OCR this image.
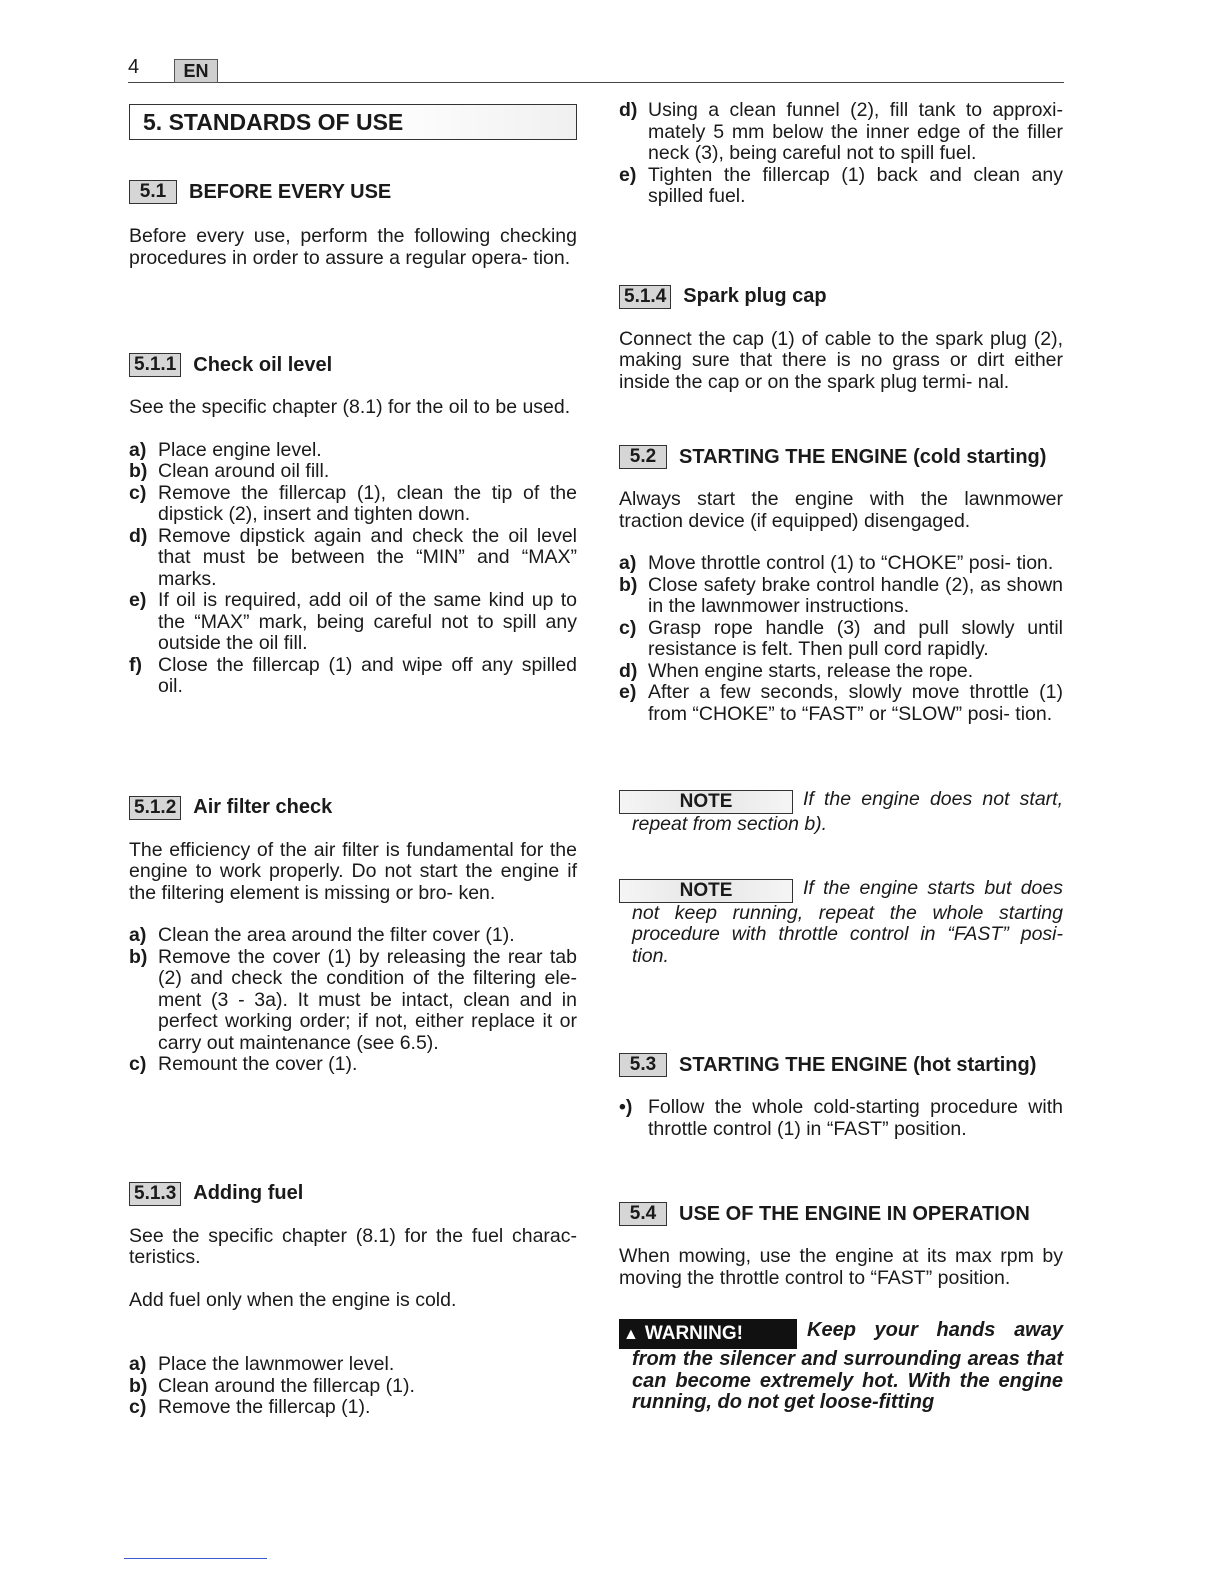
4	EN
5. STANDARDS OF USE
5.1	BEFORE EVERY USE

Before every use, perform the following checking procedures in order to assure a regular opera- tion.

5.1.1 Check oil level

See the specific chapter (8.1) for the oil to be used.

a) Place engine level.
b) Clean around oil fill.
c) Remove the fillercap (1), clean the tip of the dipstick (2), insert and tighten down.
d) Remove dipstick again and check the oil level that must be between the “MIN” and “MAX” marks.
e) If oil is required, add oil of the same kind up to the “MAX” mark, being careful not to spill any outside the oil fill.
f) Close the fillercap (1) and wipe off any spilled oil.
5.1.2 Air filter check

The efficiency of the air filter is fundamental for the engine to work properly. Do not start the engine if the filtering element is missing or bro- ken.

a) Clean the area around the filter cover (1).
b) Remove the cover (1) by releasing the rear tab (2) and check the condition of the filtering ele- ment (3 - 3a). It must be intact, clean and in perfect working order; if not, either replace it or carry out maintenance (see 6.5).
c) Remount the cover (1).
5.1.3 Adding fuel

See the specific chapter (8.1) for the fuel charac- teristics.

Add fuel only when the engine is cold.

a) Place the lawnmower level.
b) Clean around the fillercap (1).
c) Remove the fillercap (1).
d) Using a clean funnel (2), fill tank to approxi- mately 5 mm below the inner edge of the filler neck (3), being careful not to spill fuel.
e) Tighten the fillercap (1) back and clean any spilled fuel.
5.1.4 Spark plug cap

Connect the cap (1) of cable to the spark plug (2), making sure that there is no grass or dirt either inside the cap or on the spark plug termi- nal.

5.2	STARTING THE ENGINE (cold starting)

Always start the engine with the lawnmower traction device (if equipped) disengaged.

a) Move throttle control (1) to “CHOKE” posi- tion.
b) Close safety brake control handle (2), as shown in the lawnmower instructions.
c) Grasp rope handle (3) and pull slowly until resistance is felt. Then pull cord rapidly.
d) When engine starts, release the rope.
e) After a few seconds, slowly move throttle (1) from “CHOKE” to “FAST” or “SLOW” posi- tion.
NOTE	If the engine does not start, repeat from section b).
NOTE	If the engine starts but does not keep running, repeat the whole starting procedure with throttle control in “FAST” posi- tion.
5.3	STARTING THE ENGINE (hot starting)
•) Follow the whole cold-starting procedure with throttle control (1) in “FAST” position.
5.4	USE OF THE ENGINE IN OPERATION

When mowing, use the engine at its max rpm by moving the throttle control to “FAST” position.

▲ WARNING!	Keep your hands away from the silencer and surrounding areas that can become extremely hot. With the engine running, do not get loose-fitting
